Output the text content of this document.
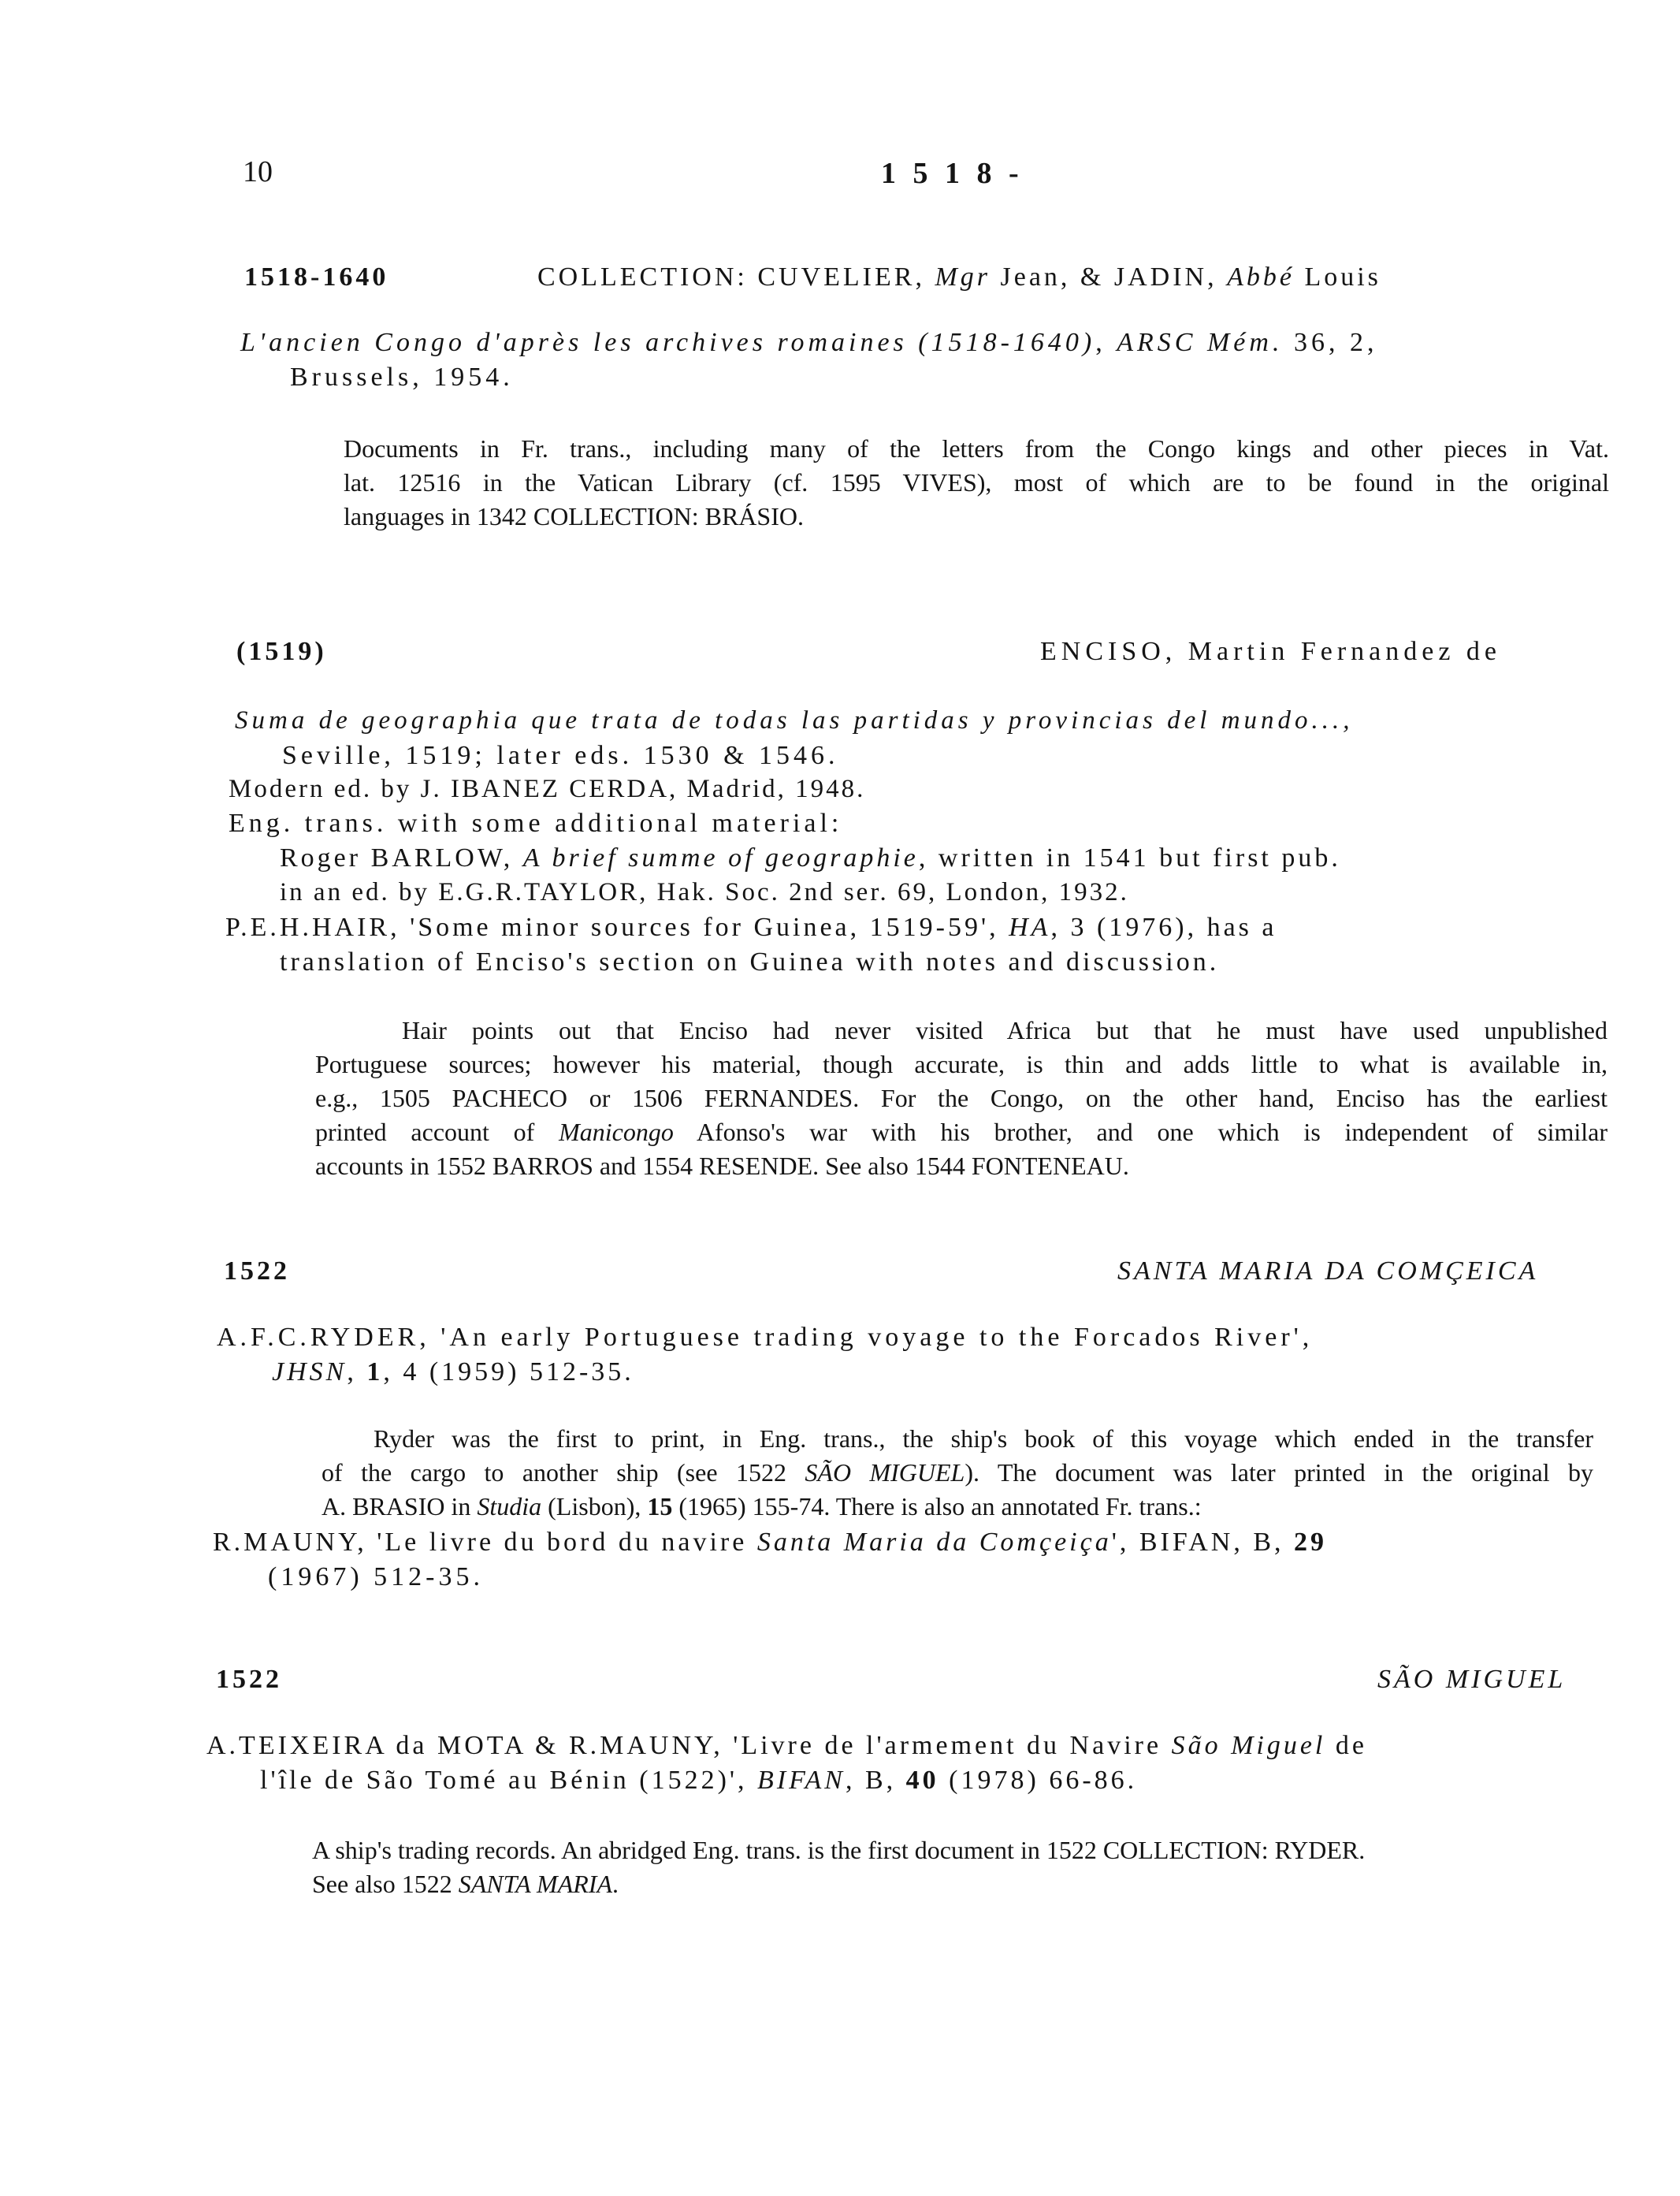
10	1 5 1 8 -
1518-1640	COLLECTION: CUVELIER, Mgr Jean, & JADIN, Abbé Louis
L'ancien Congo d'après les archives romaines (1518-1640), ARSC Mém. 36, 2,
Brussels, 1954.
Documents in Fr. trans., including many of the letters from the Congo kings and other pieces in Vat.
lat. 12516 in the Vatican Library (cf. 1595 VIVES), most of which are to be found in the original
languages in 1342 COLLECTION: BRÁSIO.
(1519)	ENCISO, Martin Fernandez de
Suma de geographia que trata de todas las partidas y provincias del mundo...,
Seville, 1519; later eds. 1530 & 1546.
Modern ed. by J. IBANEZ CERDA, Madrid, 1948.
Eng. trans. with some additional material:
Roger BARLOW, A brief summe of geographie, written in 1541 but first pub.
in an ed. by E.G.R.TAYLOR, Hak. Soc. 2nd ser. 69, London, 1932.
P.E.H.HAIR, 'Some minor sources for Guinea, 1519-59', HA, 3 (1976), has a
translation of Enciso's section on Guinea with notes and discussion.
Hair points out that Enciso had never visited Africa but that he must have used unpublished
Portuguese sources; however his material, though accurate, is thin and adds little to what is available in,
e.g., 1505 PACHECO or 1506 FERNANDES. For the Congo, on the other hand, Enciso has the earliest
printed account of Manicongo Afonso's war with his brother, and one which is independent of similar
accounts in 1552 BARROS and 1554 RESENDE. See also 1544 FONTENEAU.
1522	SANTA MARIA DA COMÇEICA
A.F.C.RYDER, 'An early Portuguese trading voyage to the Forcados River',
JHSN, 1, 4 (1959) 512-35.
Ryder was the first to print, in Eng. trans., the ship's book of this voyage which ended in the transfer
of the cargo to another ship (see 1522 SÃO MIGUEL). The document was later printed in the original by
A. BRASIO in Studia (Lisbon), 15 (1965) 155-74. There is also an annotated Fr. trans.:
R.MAUNY, 'Le livre du bord du navire Santa Maria da Comçeiça', BIFAN, B, 29
(1967) 512-35.
1522	SÃO MIGUEL
A.TEIXEIRA da MOTA & R.MAUNY, 'Livre de l'armement du Navire São Miguel de
l'île de São Tomé au Bénin (1522)', BIFAN, B, 40 (1978) 66-86.
A ship's trading records. An abridged Eng. trans. is the first document in 1522 COLLECTION: RYDER.
See also 1522 SANTA MARIA.
